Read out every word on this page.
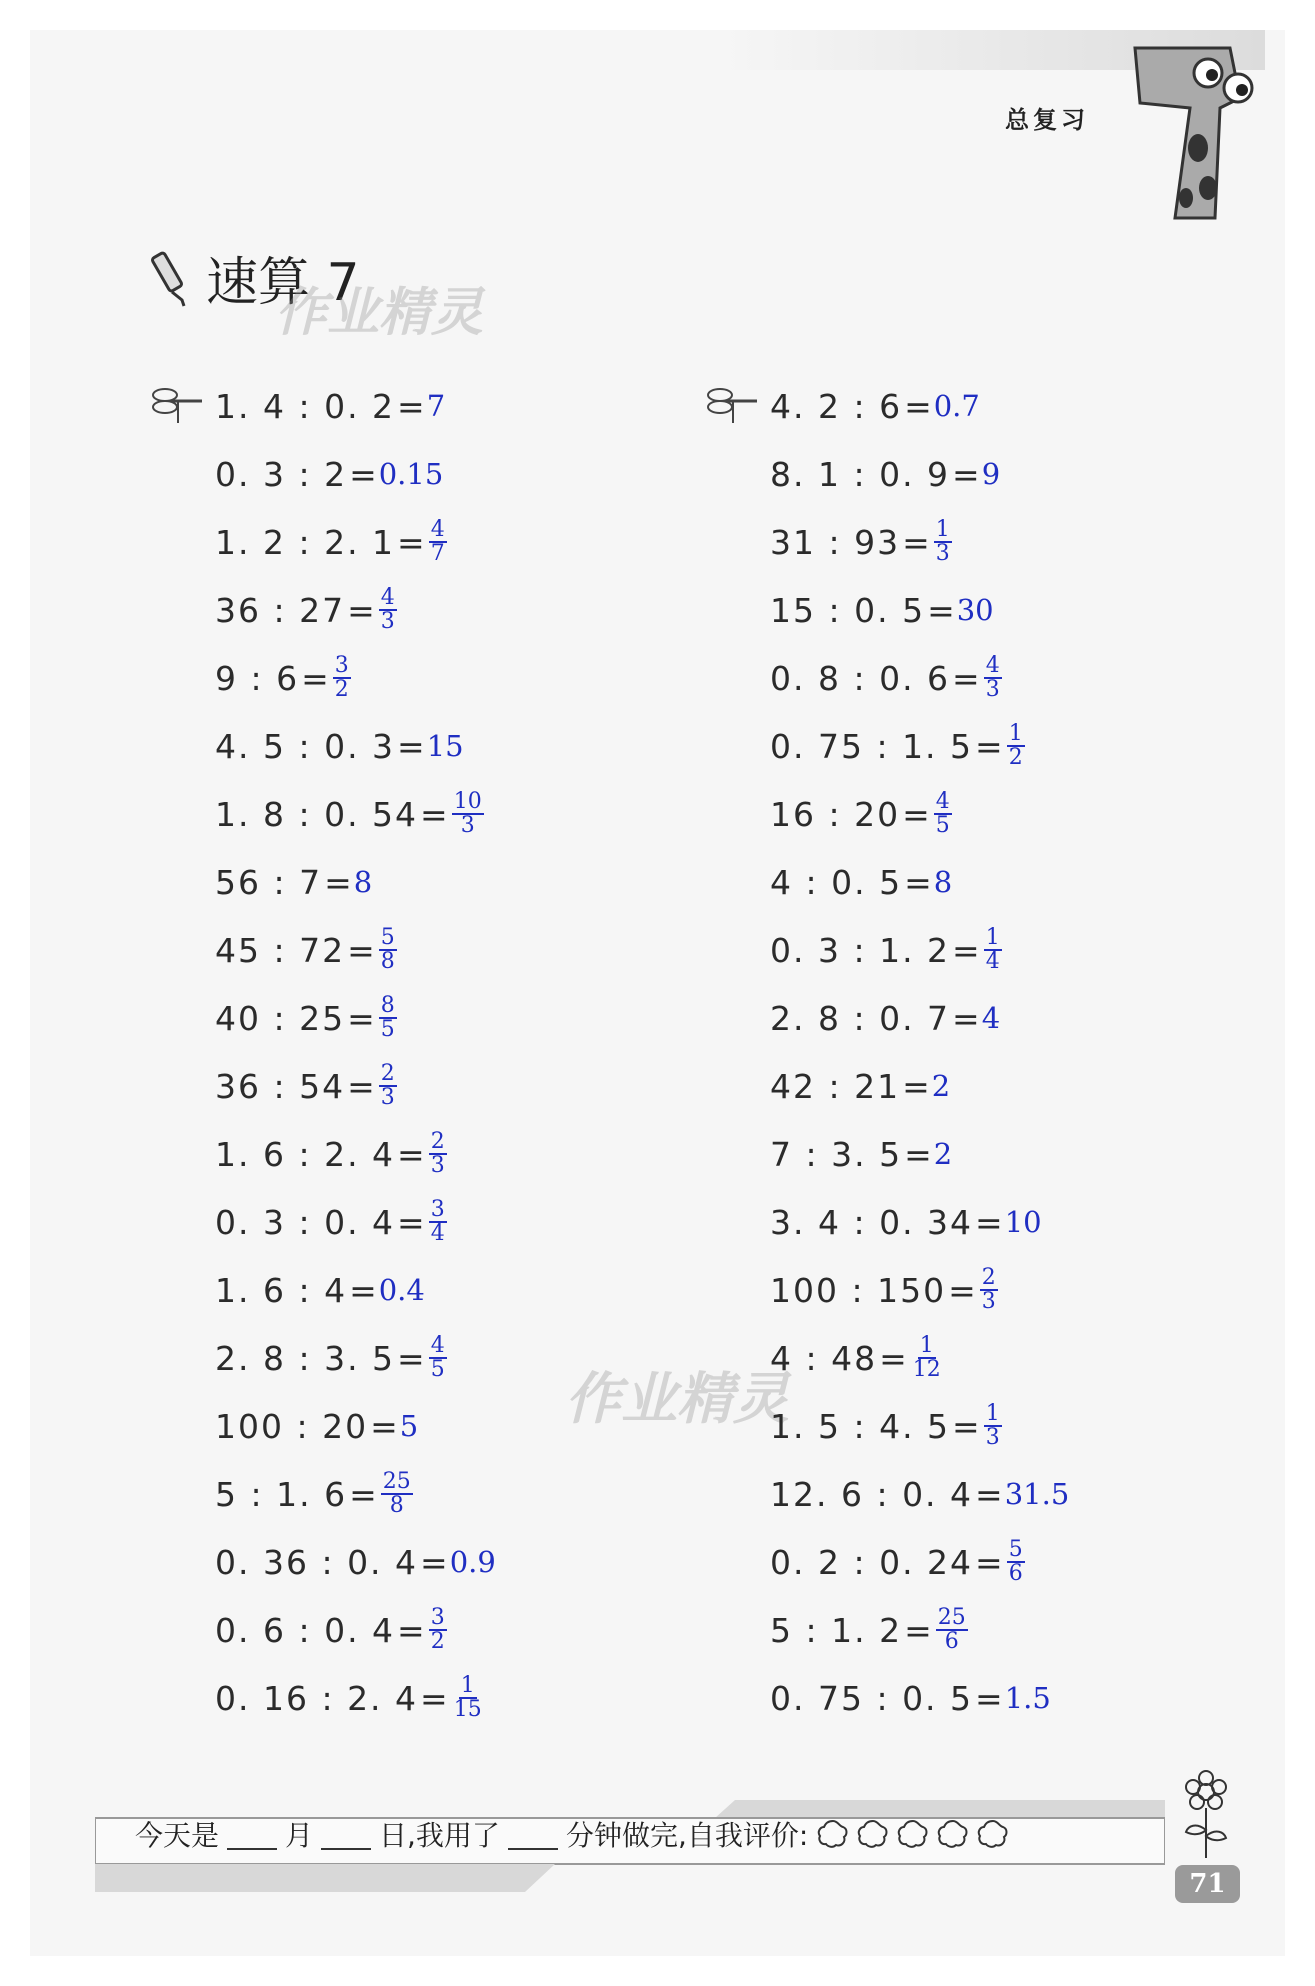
总复习
速算 7
作业精灵
作业精灵
1. 4 : 0. 2 = 7
0. 3 : 2 = 0.15
1. 2 : 2. $1 = \frac{4}{7}$
36 : $27 = \frac{4}{3}$
9 : $6 = \frac{3}{2}$
4. 5 : 0. 3 = 15
1. 8 : 0. $54 = \frac{10}{3}$
56 : 7 = 8
45 : $72 = \frac{5}{8}$
40 : $25 = \frac{8}{5}$
36 : $54 = \frac{2}{3}$
1. 6 : 2. $4 = \frac{2}{3}$
0. 3 : 0. $4 = \frac{3}{4}$
1. 6 : 4 = 0.4
2. 8 : 3. $5 = \frac{4}{5}$
100 : 20 = 5
5 : 1. $6 = \frac{25}{8}$
0. 36 : 0. 4 = 0.9
0. 6 : 0. $4 = \frac{3}{2}$
0. 16 : 2. $4 = \frac{1}{15}$
4. 2 : 6 = 0.7
8. 1 : 0. 9 = 9
31 : $93 = \frac{1}{3}$
15 : 0. 5 = 30
0. 8 : 0. $6 = \frac{4}{3}$
0. 75 : 1. $5 = \frac{1}{2}$
16 : $20 = \frac{4}{5}$
4 : 0. 5 = 8
0. 3 : 1. $2 = \frac{1}{4}$
2. 8 : 0. 7 = 4
42 : 21 = 2
7 : 3. 5 = 2
3. 4 : 0. 34 = 10
100 : $150 = \frac{2}{3}$
4 : $48 = \frac{1}{12}$
1. 5 : 4. $5 = \frac{1}{3}$
12. 6 : 0. 4 = 31.5
0. 2 : 0. $24 = \frac{5}{6}$
5 : 1. $2 = \frac{25}{6}$
0. 75 : 0. 5 = 1.5
今天是 月 日,我用了 分钟做完,自我评价:
71
